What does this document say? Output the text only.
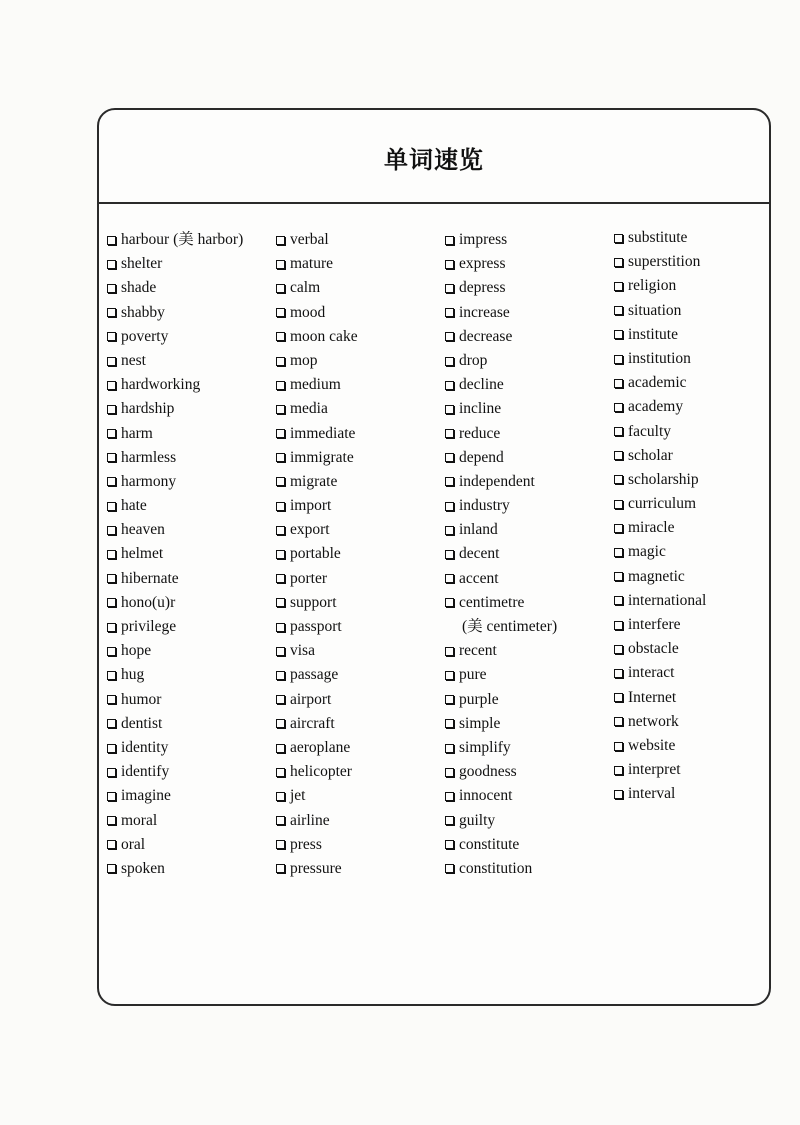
单词速览
harbour (美 harbor)
shelter
shade
shabby
poverty
nest
hardworking
hardship
harm
harmless
harmony
hate
heaven
helmet
hibernate
hono(u)r
privilege
hope
hug
humor
dentist
identity
identify
imagine
moral
oral
spoken
verbal
mature
calm
mood
moon cake
mop
medium
media
immediate
immigrate
migrate
import
export
portable
porter
support
passport
visa
passage
airport
aircraft
aeroplane
helicopter
jet
airline
press
pressure
impress
express
depress
increase
decrease
drop
decline
incline
reduce
depend
independent
industry
inland
decent
accent
centimetre
(美 centimeter)
recent
pure
purple
simple
simplify
goodness
innocent
guilty
constitute
constitution
substitute
superstition
religion
situation
institute
institution
academic
academy
faculty
scholar
scholarship
curriculum
miracle
magic
magnetic
international
interfere
obstacle
interact
Internet
network
website
interpret
interval
